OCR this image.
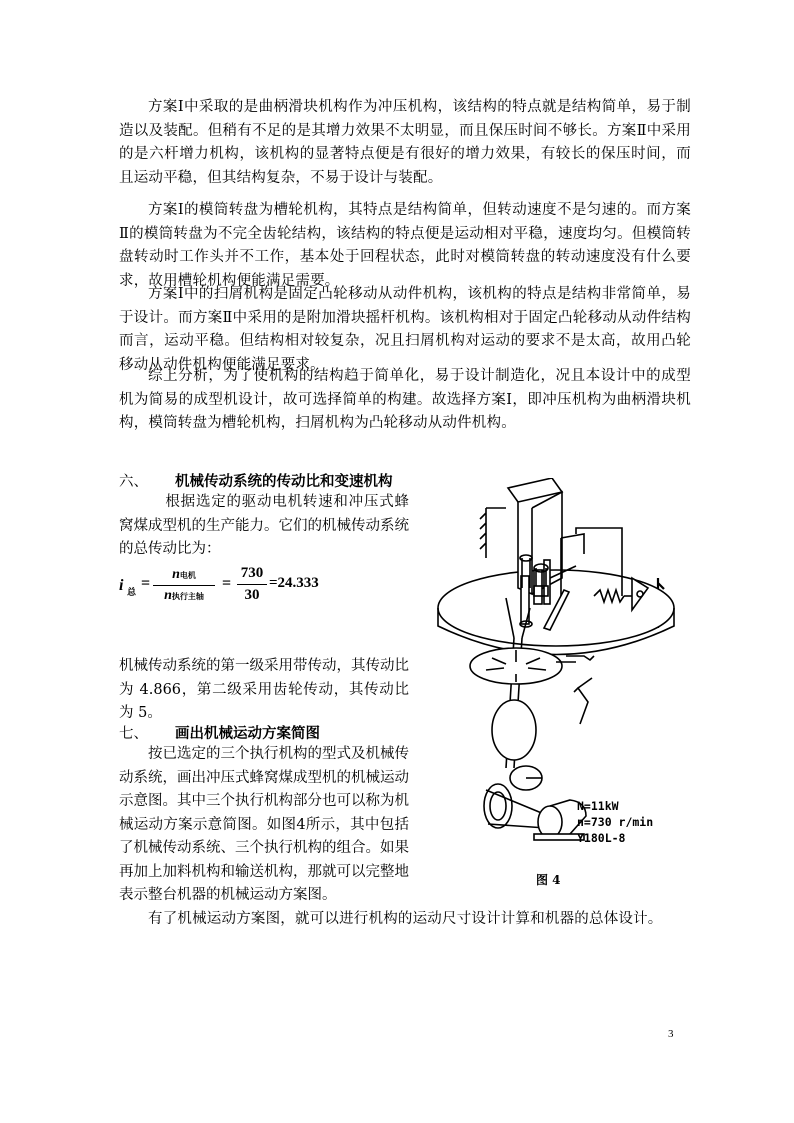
方案Ⅰ中采取的是曲柄滑块机构作为冲压机构，该结构的特点就是结构简单，易于制造以及装配。但稍有不足的是其增力效果不太明显，而且保压时间不够长。方案Ⅱ中采用的是六杆增力机构，该机构的显著特点便是有很好的增力效果，有较长的保压时间，而且运动平稳，但其结构复杂，不易于设计与装配。

方案Ⅰ的模筒转盘为槽轮机构，其特点是结构简单，但转动速度不是匀速的。而方案Ⅱ的模筒转盘为不完全齿轮结构，该结构的特点便是运动相对平稳，速度均匀。但模筒转盘转动时工作头并不工作，基本处于回程状态，此时对模筒转盘的转动速度没有什么要求，故用槽轮机构便能满足需要。

方案Ⅰ中的扫屑机构是固定凸轮移动从动件机构，该机构的特点是结构非常简单，易于设计。而方案Ⅱ中采用的是附加滑块摇杆机构。该机构相对于固定凸轮移动从动件结构而言，运动平稳。但结构相对较复杂，况且扫屑机构对运动的要求不是太高，故用凸轮移动从动件机构便能满足要求。

综上分析，为了使机构的结构趋于简单化，易于设计制造化，况且本设计中的成型机为简易的成型机设计，故可选择简单的构建。故选择方案Ⅰ，即冲压机构为曲柄滑块机构，模筒转盘为槽轮机构，扫屑机构为凸轮移动从动件机构。

六、 机械传动系统的传动比和变速机构

根据选定的驱动电机转速和冲压式蜂窝煤成型机的生产能力。它们的机械传动系统的总传动比为：

i 总 =
n电机
n执行主轴
=
730
30
=24.333

机械传动系统的第一级采用带传动，其传动比为 4.866，第二级采用齿轮传动，其传动比为 5。

七、 画出机械运动方案简图

按已选定的三个执行机构的型式及机械传动系统，画出冲压式蜂窝煤成型机的机械运动示意图。其中三个执行机构部分也可以称为机械运动方案示意简图。如图4所示，其中包括了机械传动系统、三个执行机构的组合。如果再加上加料机构和输送机构，那就可以完整地表示整台机器的机械运动方案图。

有了机械运动方案图，就可以进行机构的运动尺寸设计计算和机器的总体设计。

N=11kW
n=730 r/min
Y180L-8
图 4
3
